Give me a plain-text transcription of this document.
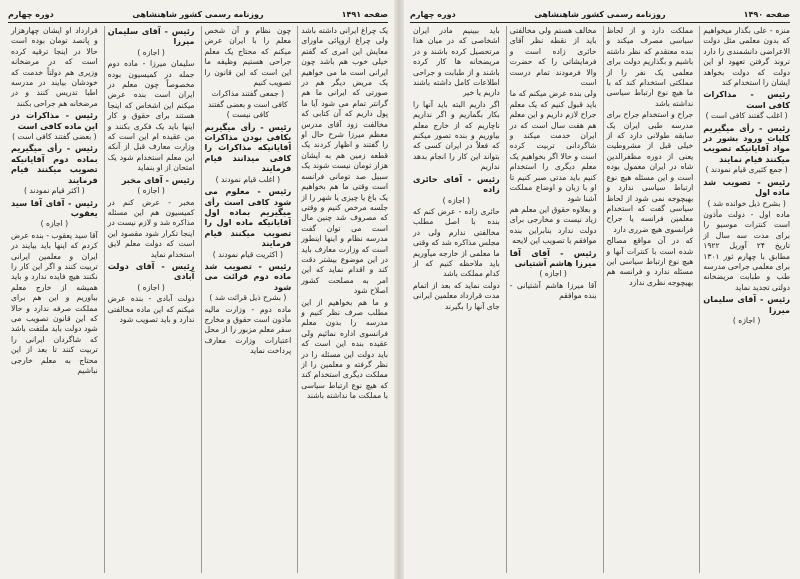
صفحه ۱۴۹۱
روزنامه رسمی کشور شاهنشاهی
دوره چهارم

یک چراغ ایرانی داشته باشد ولی چراغ اروپائی ماورای معایش این امری که گفتم خیلی خوب هم باشد چون ایرانی است ما می خواهیم یک مریض دیگر هم در صورتی که ایرانی ما هم گرانتر تمام می شود آیا ما پول داریم که آن کتابی که مخالفت زود آقای مدرس معظم میرزا شرح حال او را گفتند و اظهار کردند یک قطعه زمین هم به ایشان هزار تومان نیست شوند یک سبیل صد تومانی فرانسه است وقتی ما هم بخواهیم یک باغ یا چیزی یا شهر را از جلسه مرخص کنیم و وقتی که مصروف شد چنین مال است می توان گفت مدرسه نظام و اینها اینطور است که وزارت معارف باید در این موضوع بیشتر دقت کند و اقدام نماید که این امر به مصلحت کشور اصلاح شود

و ما هم بخواهیم از این مطلب صرف نظر کنیم و مدرسه را بدون معلم فرانسوی اداره نمائیم ولی عقیده بنده این است که باید دولت این مسئله را در نظر گرفته و معلمین را از مملکت دیگری استخدام کند که هیچ نوع ارتباط سیاسی با مملکت ما نداشته باشند

چون نظام و آن شخص معلم را با ایران عرض میکنم که محتاج یک معلم جراحی هستیم وظیفه ما این است که این قانون را تصویب کنیم

( جمعی گفتند مذاکرات کافی است و بعضی گفتند کافی نیست )

رئیس - رأی میگیریم بکافی بودن مذاکرات آقایانیکه مذاکرات را کافی میدانند قیام فرمایند

( اغلب قیام نمودند )

رئیس - معلوم می شود کافی است رأی میگیریم بماده اول آقایانیکه ماده اول را تصویب میکنند قیام فرمایند

( اکثریت قیام نمودند )

رئیس - تصویب شد ماده دوم قرائت می شود

( بشرح ذیل قرائت شد )

ماده دوم - وزارت مالیه مأذون است حقوق و مخارج سفر معلم مزبور را از محل اعتبارات وزارت معارف پرداخت نماید

رئیس - آقای سلیمان میرزا

( اجازه )

سلیمان میرزا - ماده دوم جمله در کمیسیون بوده مخصوصاً چون معلم در ایران است بنده عرض میکنم این اشخاص که اینجا هستند برای حقوق و کار اینها باید یک فکری بکنند و من عقیده ام این است که وزارت معارف قبل از آنکه این معلم استخدام شود یک امتحان از او بنماید

رئیس - آقای مخبر

( اجازه )

مخبر - عرض کنم در کمیسیون هم این مسئله مذاکره شد و لازم نیست در اینجا تکرار شود مقصود این است که دولت معلم لایق استخدام نماید

رئیس - آقای دولت آبادی

( اجازه )

دولت آبادی - بنده عرض میکنم که این ماده مخالفتی ندارد و باید تصویب شود

قرارداد او ایشان چهارهزار و پانصد تومان بوده است حالا در اینجا ترقیه کرده است که در مرضخانه وزیری هم دولتاً خدمت که خودشان بیایند در مدرسه اطبا تدریس کنند و در مرضخانه هم جراحی بکنند

رئیس - مذاکرات در این ماده کافی است

( بعضی گفتند کافی است )

رئیس - رأی میگیریم بماده دوم آقایانیکه تصویب میکنند قیام فرمایند

( اکثر قیام نمودند )

رئیس - آقای آقا سید یعقوب

( اجازه )

آقا سید یعقوب - بنده عرض کردم که اینها باید بیایند در ایران و معلمین ایرانی تربیت کنند و اگر این کار را نکنند هیچ فایده ندارد و باید همیشه از خارج معلم بیاوریم و این هم برای مملکت صرفه ندارد و حالا که این قانون تصویب می شود دولت باید ملتفت باشد که شاگردان ایرانی را تربیت کنند تا بعد از این محتاج به معلم خارجی نباشیم

صفحه ۱۴۹۰
روزنامه رسمی کشور شاهنشاهی
دوره چهارم

منزه - علی بگذار میخواهیم که بدون معلمی مثل دولت الاعراضی دانشمندی را دارد تروند گرفتن تعهود او این دولت که دولت بخواهد ایشان را استخدام کند

رئیس - مذاکرات کافی است

( اغلب گفتند کافی است )

رئیس - رأی میگیریم کلیات ورود بشور در مواد آقایانیکه تصویب میکنند قیام نمایند

( جمع کثیری قیام نمودند )

رئیس - تصویب شد ماده اول

( بشرح ذیل خوانده شد )

ماده اول - دولت مأذون است کنترات موسیو را برای مدت سه سال از تاریخ ۲۴ آوریل ۱۹۲۲ مطابق با چهارم ثور ۱۳۰۱ برای معلمی جراحی مدرسه طب و طبابت مریضخانه دولتی تجدید نماید

رئیس - آقای سلیمان میرزا

( اجازه )

مملکت دارد و از لحاظ سیاسی مصرف میکند و بنده معتقدم که نظر داشته باشیم و بگذاریم دولت برای معلمی یک نفر را از مملکتی استخدام کند که با ما هیچ نوع ارتباط سیاسی نداشته باشد

جراح و استخدام جراح برای مدرسه طبی ایران یک سابقه طولانی دارد که از خیلی قبل از مشروطیت یعنی از دوره مظفرالدین شاه در ایران معمول بوده است و این مسئله هیچ نوع ارتباط سیاسی ندارد و بهیچوجه نمی شود از لحاظ سیاسی گفت که استخدام معلمین فرانسه یا جراح فرانسوی هیچ ضرری دارد

که در آن مواقع مصالح شده است با کنترات آنها و هیچ نوع ارتباط سیاسی این مسئله ندارد و فرانسه هم بهیچوجه نظری ندارد

مخالف هستم ولی مخالفتی باید از نقطه نظر آقای حائری زاده است و فرمایشاتی را که حضرت والا فرمودند تمام درست است

ولی بنده عرض میکنم که ما باید قبول کنیم که یک معلم جراح لازم داریم و این معلم هم هفت سال است که در ایران خدمت میکند و شاگردانی تربیت کرده است و حالا اگر بخواهیم یک معلم دیگری را استخدام کنیم باید مدتی صبر کنیم تا او با زبان و اوضاع مملکت آشنا شود

و بعلاوه حقوق این معلم هم زیاد نیست و مخارجی برای دولت ندارد بنابراین بنده موافقم با تصویب این لایحه

رئیس - آقای آقا میرزا هاشم آشتیانی

( اجازه )

آقا میرزا هاشم آشتیانی - بنده موافقم

باید ببینیم مادر ایران اشخاصی که در میان هذا مرتحصیل کرده باشند و در مریضخانه ها کار کرده باشند و از طبابت و جراحی اطلاعات کامل داشته باشند داریم یا خیر

اگر داریم البته باید آنها را بکار بگماریم و اگر نداریم ناچاریم که از خارج معلم بیاوریم و بنده تصور میکنم که فعلاً در ایران کسی که بتواند این کار را انجام بدهد نداریم

رئیس - آقای حائری زاده

( اجازه )

حائری زاده - عرض کنم که بنده با اصل مطلب مخالفتی ندارم ولی در مجلس مذاکره شد که وقتی ما معلمی از خارجه میآوریم باید ملاحظه کنیم که از کدام مملکت باشد

دولت نماید که بعد از اتمام مدت قرارداد معلمین ایرانی جای آنها را بگیرند
